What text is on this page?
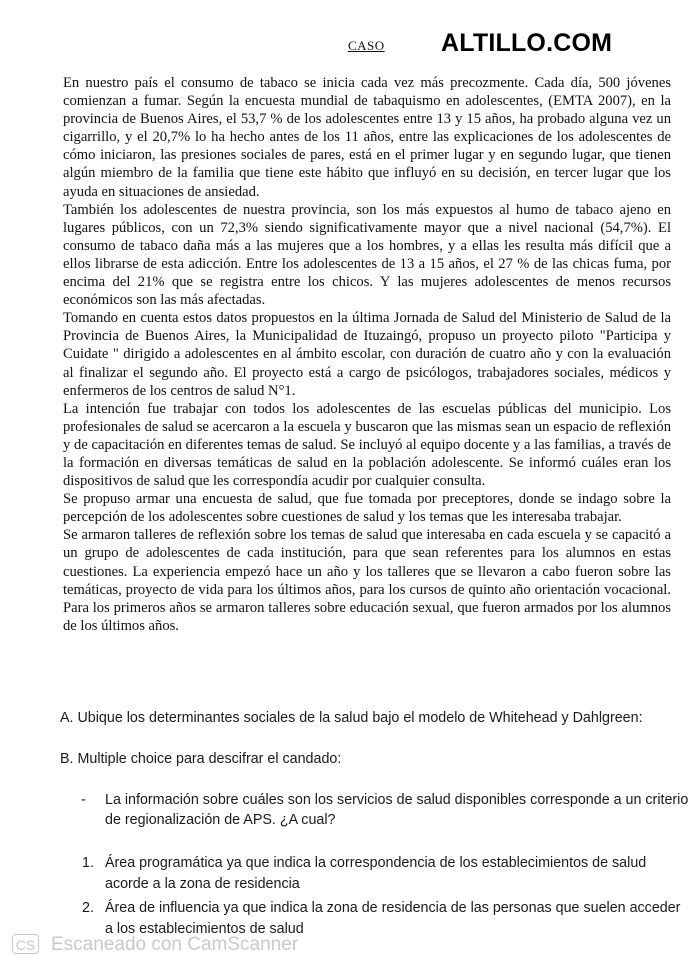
CASO ALTILLO.COM

En nuestro país el consumo de tabaco se inicia cada vez más precozmente. Cada día, 500 jóvenes comienzan a fumar. Según la encuesta mundial de tabaquismo en adolescentes, (EMTA 2007), en la provincia de Buenos Aires, el 53,7 % de los adolescentes entre 13 y 15 años, ha probado alguna vez un cigarrillo, y el 20,7% lo ha hecho antes de los 11 años, entre las explicaciones de los adolescentes de cómo iniciaron, las presiones sociales de pares, está en el primer lugar y en segundo lugar, que tienen algún miembro de la familia que tiene este hábito que influyó en su decisión, en tercer lugar que los ayuda en situaciones de ansiedad.

También los adolescentes de nuestra provincia, son los más expuestos al humo de tabaco ajeno en lugares públicos, con un 72,3% siendo significativamente mayor que a nivel nacional (54,7%). El consumo de tabaco daña más a las mujeres que a los hombres, y a ellas les resulta más difícil que a ellos librarse de esta adicción. Entre los adolescentes de 13 a 15 años, el 27 % de las chicas fuma, por encima del 21% que se registra entre los chicos. Y las mujeres adolescentes de menos recursos económicos son las más afectadas.

Tomando en cuenta estos datos propuestos en la última Jornada de Salud del Ministerio de Salud de la Provincia de Buenos Aires, la Municipalidad de Ituzaingó, propuso un proyecto piloto "Participa y Cuidate " dirigido a adolescentes en al ámbito escolar, con duración de cuatro año y con la evaluación al finalizar el segundo año. El proyecto está a cargo de psicólogos, trabajadores sociales, médicos y enfermeros de los centros de salud N°1.

La intención fue trabajar con todos los adolescentes de las escuelas públicas del municipio. Los profesionales de salud se acercaron a la escuela y buscaron que las mismas sean un espacio de reflexión y de capacitación en diferentes temas de salud. Se incluyó al equipo docente y a las familias, a través de la formación en diversas temáticas de salud en la población adolescente. Se informó cuáles eran los dispositivos de salud que les correspondía acudir por cualquier consulta.

Se propuso armar una encuesta de salud, que fue tomada por preceptores, donde se indago sobre la percepción de los adolescentes sobre cuestiones de salud y los temas que les interesaba trabajar.

Se armaron talleres de reflexión sobre los temas de salud que interesaba en cada escuela y se capacitó a un grupo de adolescentes de cada institución, para que sean referentes para los alumnos en estas cuestiones. La experiencia empezó hace un año y los talleres que se llevaron a cabo fueron sobre las temáticas, proyecto de vida para los últimos años, para los cursos de quinto año orientación vocacional. Para los primeros años se armaron talleres sobre educación sexual, que fueron armados por los alumnos de los últimos años.

A. Ubique los determinantes sociales de la salud bajo el modelo de Whitehead y Dahlgreen:
B. Multiple choice para descifrar el candado:
-	La información sobre cuáles son los servicios de salud disponibles corresponde a un criterio de regionalización de APS. ¿A cual?
1. Área programática ya que indica la correspondencia de los establecimientos de salud acorde a la zona de residencia
2. Área de influencia ya que indica la zona de residencia de las personas que suelen acceder a los establecimientos de salud
CS Escaneado con CamScanner
